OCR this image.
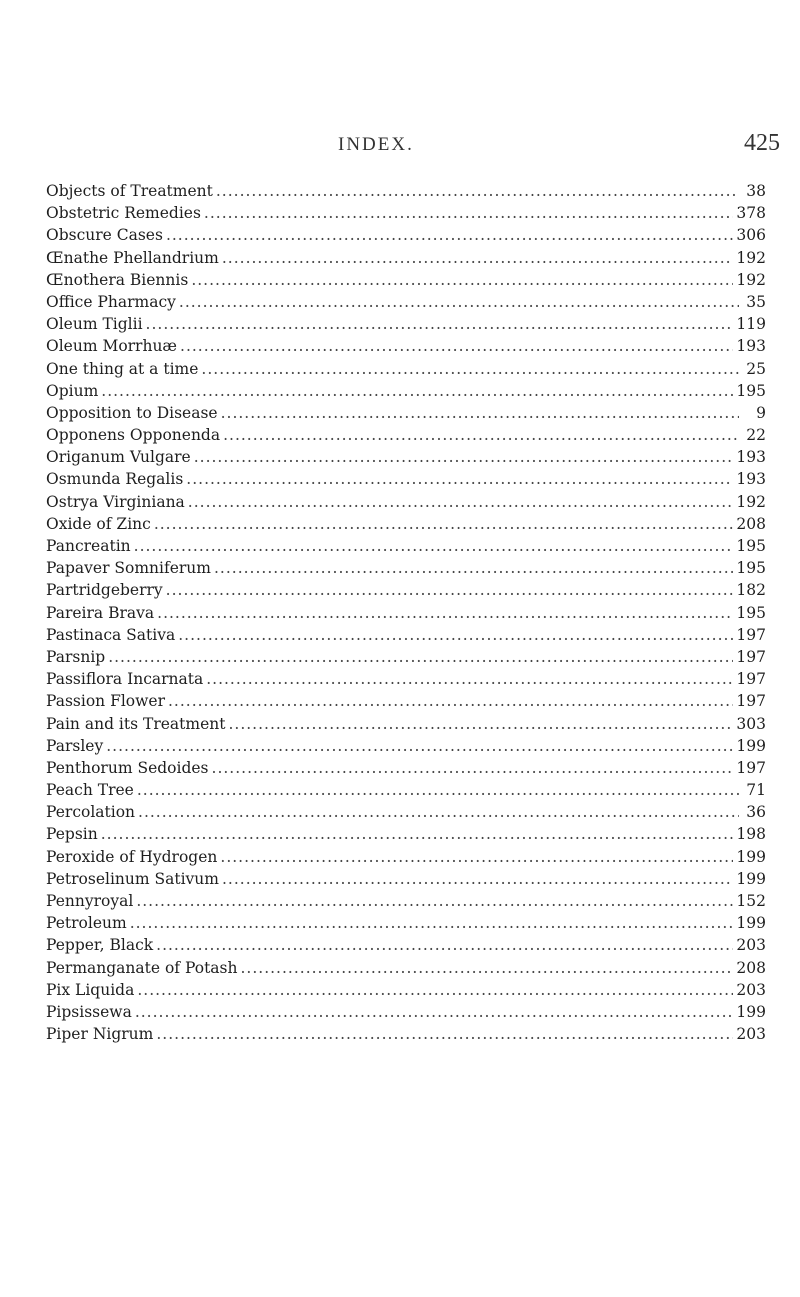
INDEX.	425
Objects of Treatment .....	38
Obstetric Remedies .....	378
Obscure Cases .....	306
Œnathe Phellandrium .....	192
Œnothera Biennis .....	192
Office Pharmacy .....	35
Oleum Tiglii .....	119
Oleum Morrhuæ .....	193
One thing at a time .....	25
Opium .....	195
Opposition to Disease .....	9
Opponens Opponenda .....	22
Origanum Vulgare .....	193
Osmunda Regalis .....	193
Ostrya Virginiana .....	192
Oxide of Zinc .....	208
Pancreatin .....	195
Papaver Somniferum .....	195
Partridgeberry .....	182
Pareira Brava .....	195
Pastinaca Sativa .....	197
Parsnip .....	197
Passiflora Incarnata .....	197
Passion Flower .....	197
Pain and its Treatment .....	303
Parsley .....	199
Penthorum Sedoides .....	197
Peach Tree .....	71
Percolation .....	36
Pepsin .....	198
Peroxide of Hydrogen .....	199
Petroselinum Sativum .....	199
Pennyroyal .....	152
Petroleum .....	199
Pepper, Black .....	203
Permanganate of Potash .....	208
Pix Liquida .....	203
Pipsissewa .....	199
Piper Nigrum .....	203
